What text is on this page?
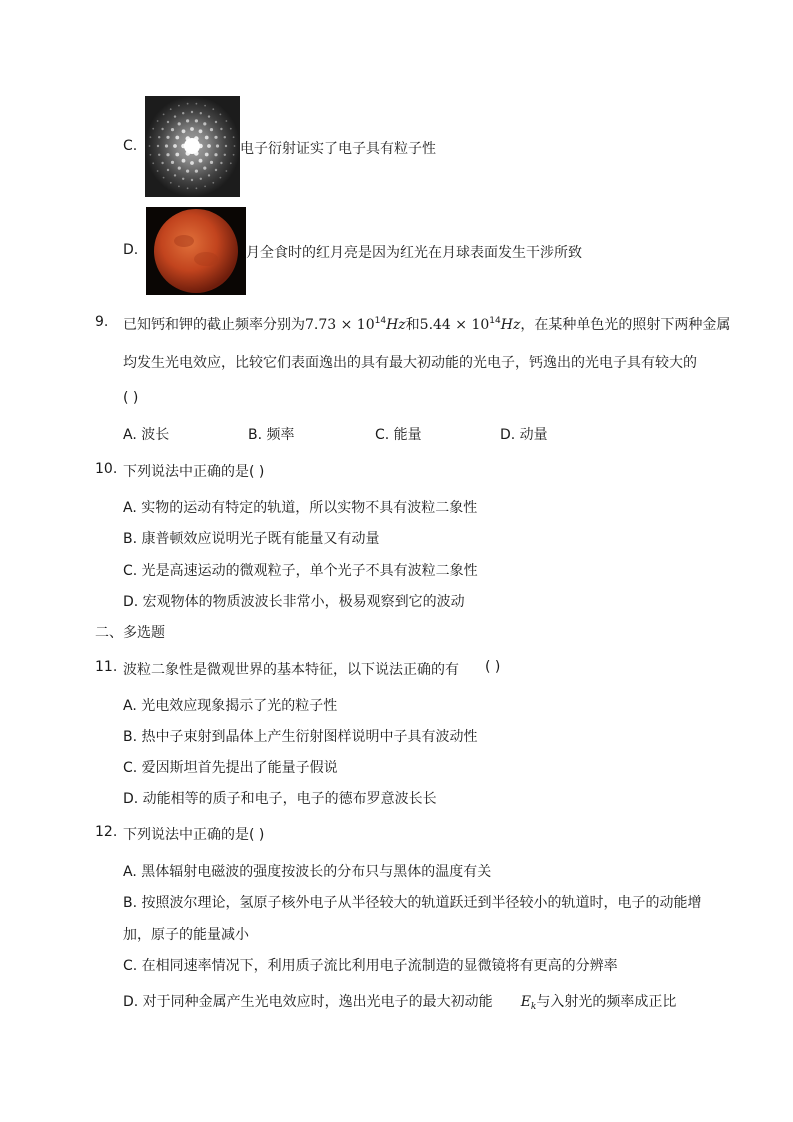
C.	电子衍射证实了电子具有粒子性
D.	月全食时的红月亮是因为红光在月球表面发生干涉所致
9. 已知钙和钾的截止频率分别为$7.73 \times 10^{14}Hz$和$5.44 \times 10^{14}Hz$，在某种单色光的照射下两种金属
均发生光电效应，比较它们表面逸出的具有最大初动能的光电子，钙逸出的光电子具有较大的
( )
A. 波长	B. 频率	C. 能量	D. 动量
10. 下列说法中正确的是( )
A. 实物的运动有特定的轨道，所以实物不具有波粒二象性
B. 康普顿效应说明光子既有能量又有动量
C. 光是高速运动的微观粒子，单个光子不具有波粒二象性
D. 宏观物体的物质波波长非常小，极易观察到它的波动
二、多选题
11. 波粒二象性是微观世界的基本特征，以下说法正确的有 ( )
A. 光电效应现象揭示了光的粒子性
B. 热中子束射到晶体上产生衍射图样说明中子具有波动性
C. 爱因斯坦首先提出了能量子假说
D. 动能相等的质子和电子，电子的德布罗意波长长
12. 下列说法中正确的是( )
A. 黑体辐射电磁波的强度按波长的分布只与黑体的温度有关
B. 按照波尔理论，氢原子核外电子从半径较大的轨道跃迁到半径较小的轨道时，电子的动能增
加，原子的能量减小
C. 在相同速率情况下，利用质子流比利用电子流制造的显微镜将有更高的分辨率
D. 对于同种金属产生光电效应时，逸出光电子的最大初动能 $E_k$与入射光的频率成正比
